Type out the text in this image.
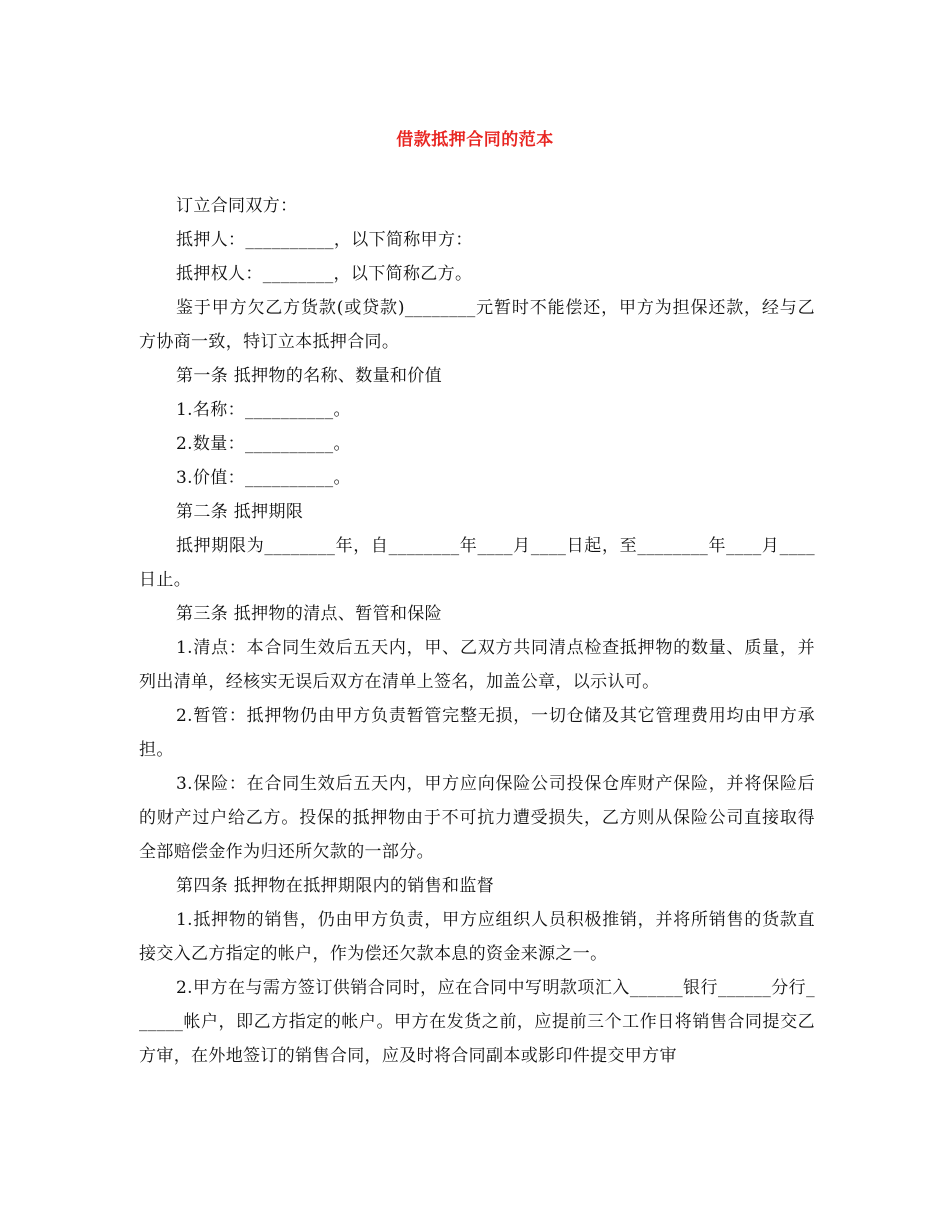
借款抵押合同的范本

订立合同双方：

抵押人：__________，以下简称甲方：

抵押权人：________，以下简称乙方。

鉴于甲方欠乙方货款(或贷款)________元暂时不能偿还，甲方为担保还款，经与乙方协商一致，特订立本抵押合同。

第一条 抵押物的名称、数量和价值

1.名称：__________。

2.数量：__________。

3.价值：__________。

第二条 抵押期限

抵押期限为________年，自________年____月____日起，至________年____月____日止。

第三条 抵押物的清点、暂管和保险

1.清点：本合同生效后五天内，甲、乙双方共同清点检查抵押物的数量、质量，并列出清单，经核实无误后双方在清单上签名，加盖公章，以示认可。

2.暂管：抵押物仍由甲方负责暂管完整无损，一切仓储及其它管理费用均由甲方承担。

3.保险：在合同生效后五天内，甲方应向保险公司投保仓库财产保险，并将保险后的财产过户给乙方。投保的抵押物由于不可抗力遭受损失，乙方则从保险公司直接取得全部赔偿金作为归还所欠款的一部分。

第四条 抵押物在抵押期限内的销售和监督

1.抵押物的销售，仍由甲方负责，甲方应组织人员积极推销，并将所销售的货款直接交入乙方指定的帐户，作为偿还欠款本息的资金来源之一。

2.甲方在与需方签订供销合同时，应在合同中写明款项汇入______银行______分行______帐户，即乙方指定的帐户。甲方在发货之前，应提前三个工作日将销售合同提交乙方审，在外地签订的销售合同，应及时将合同副本或影印件提交甲方审
